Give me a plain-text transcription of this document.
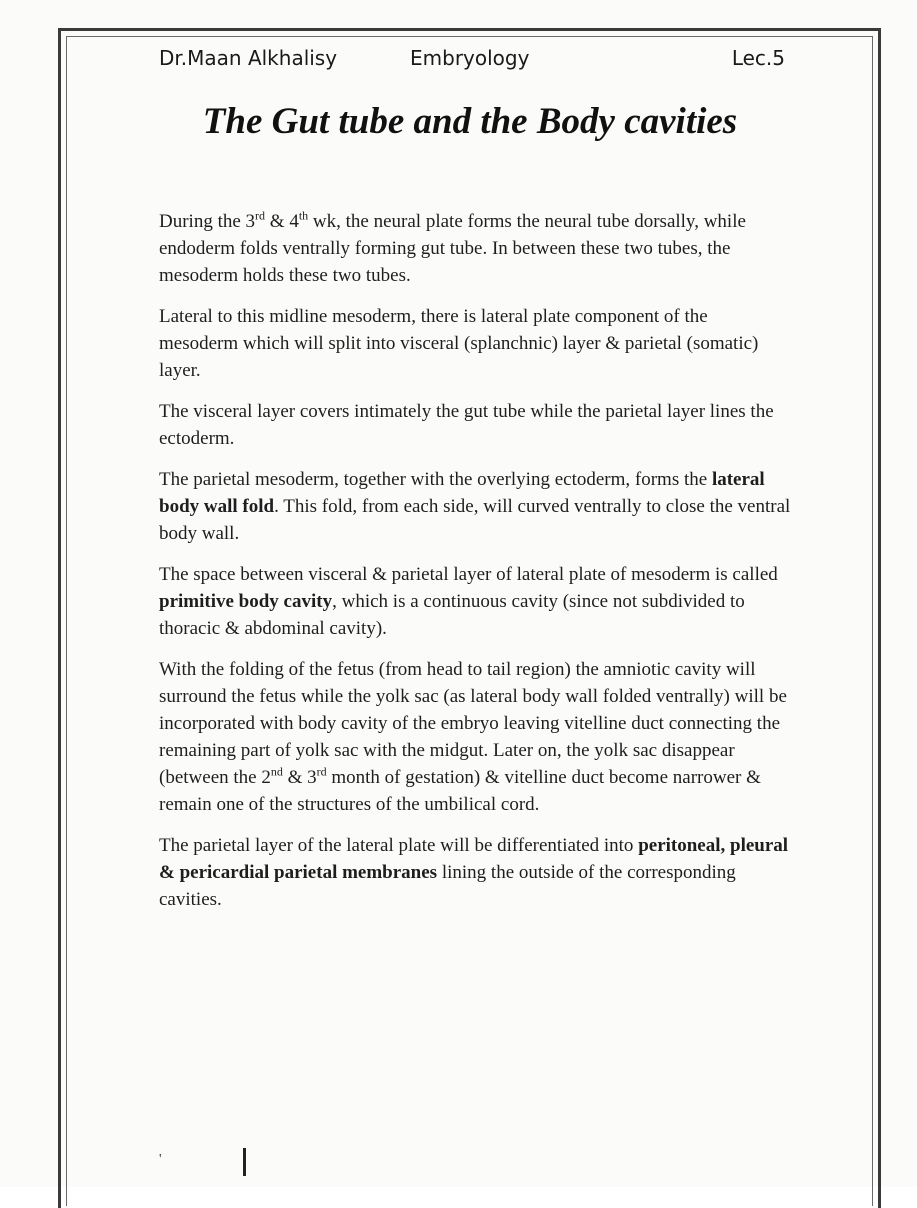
Dr.Maan Alkhalisy	Embryology	Lec.5
The Gut tube and the Body cavities

During the 3rd & 4th wk, the neural plate forms the neural tube dorsally, while endoderm folds ventrally forming gut tube. In between these two tubes, the mesoderm holds these two tubes.

Lateral to this midline mesoderm, there is lateral plate component of the mesoderm which will split into visceral (splanchnic) layer & parietal (somatic) layer.

The visceral layer covers intimately the gut tube while the parietal layer lines the ectoderm.

The parietal mesoderm, together with the overlying ectoderm, forms the lateral body wall fold. This fold, from each side, will curved ventrally to close the ventral body wall.

The space between visceral & parietal layer of lateral plate of mesoderm is called primitive body cavity, which is a continuous cavity (since not subdivided to thoracic & abdominal cavity).

With the folding of the fetus (from head to tail region) the amniotic cavity will surround the fetus while the yolk sac (as lateral body wall folded ventrally) will be incorporated with body cavity of the embryo leaving vitelline duct connecting the remaining part of yolk sac with the midgut. Later on, the yolk sac disappear (between the 2nd & 3rd month of gestation) & vitelline duct become narrower & remain one of the structures of the umbilical cord.

The parietal layer of the lateral plate will be differentiated into peritoneal, pleural & pericardial parietal membranes lining the outside of the corresponding cavities.

'
